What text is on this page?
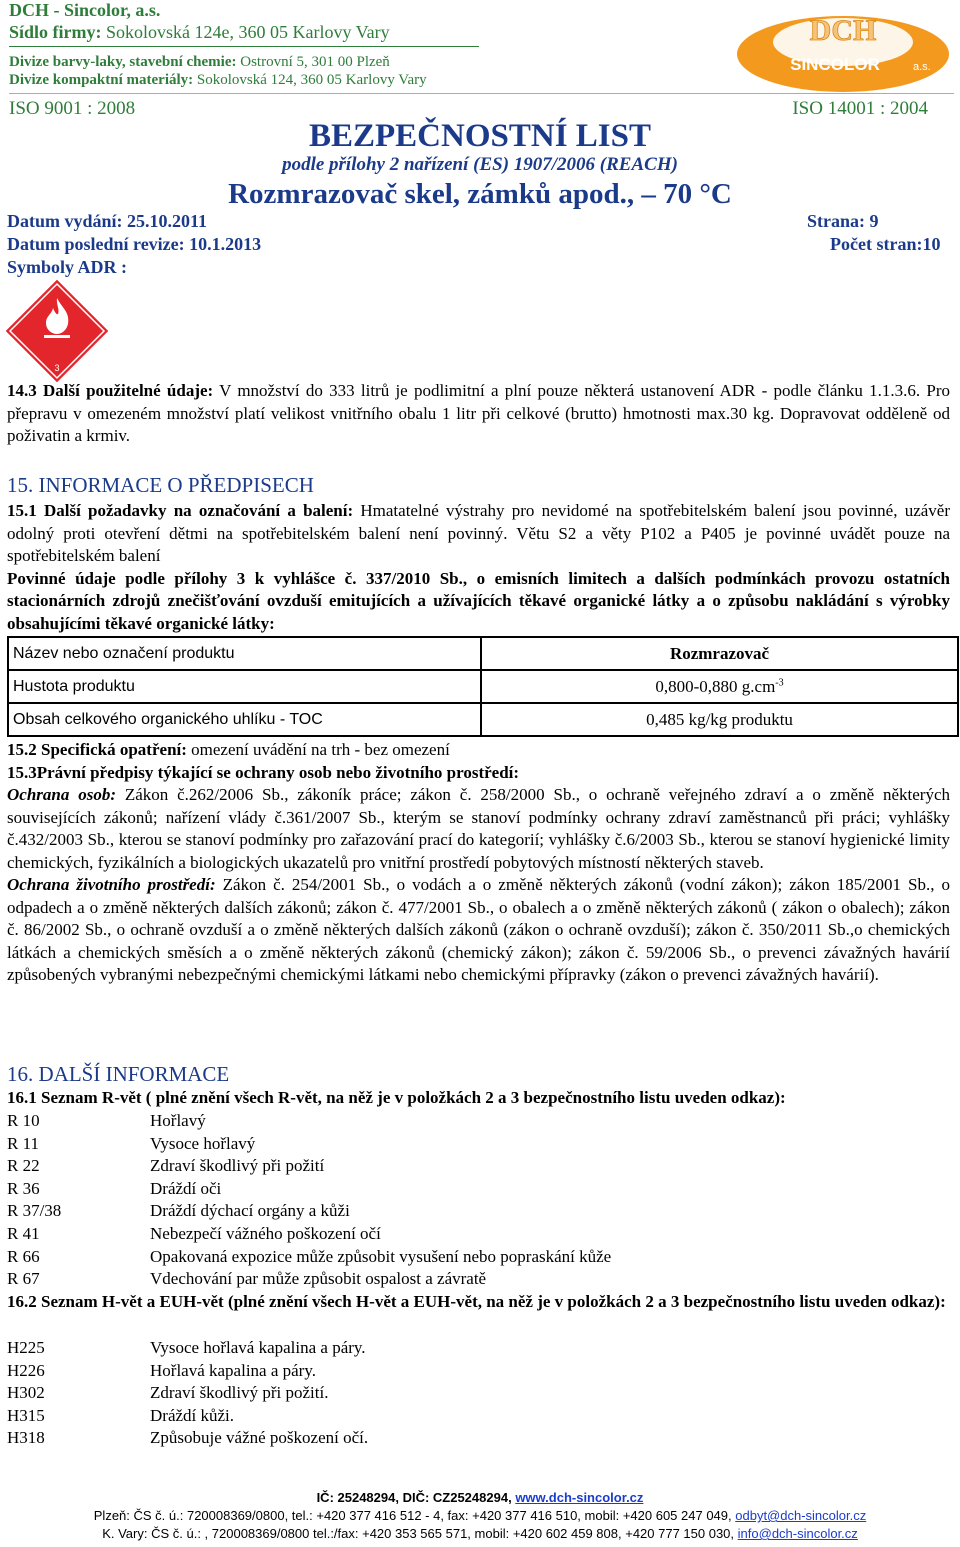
DCH - Sincolor, a.s.
Sídlo firmy: Sokolovská 124e, 360 05 Karlovy Vary
Divize barvy-laky, stavební chemie: Ostrovní 5, 301 00 Plzeň
Divize kompaktní materiály: Sokolovská 124, 360 05 Karlovy Vary
ISO 9001 : 2008	ISO 14001 : 2004
DCH
SINCOLOR	a.s.
BEZPEČNOSTNÍ LIST
podle přílohy 2 nařízení (ES) 1907/2006 (REACH)
Rozmrazovač skel, zámků apod., – 70 °C
Datum vydání: 25.10.2011	Strana: 9
Datum poslední revize: 10.1.2013	Počet stran:10
Symboly ADR :
3
14.3 Další použitelné údaje: V množství do 333 litrů je podlimitní a plní pouze některá ustanovení ADR - podle článku 1.1.3.6. Pro přepravu v omezeném množství platí velikost vnitřního obalu 1 litr při celkové (brutto) hmotnosti max.30 kg. Dopravovat odděleně od poživatin a krmiv.
15. INFORMACE O PŘEDPISECH
15.1 Další požadavky na označování a balení: Hmatatelné výstrahy pro nevidomé na spotřebitelském balení jsou povinné, uzávěr odolný proti otevření dětmi na spotřebitelském balení není povinný. Větu S2 a věty P102 a P405 je povinné uvádět pouze na spotřebitelském balení
Povinné údaje podle přílohy 3 k vyhlášce č. 337/2010 Sb., o emisních limitech a dalších podmínkách provozu ostatních stacionárních zdrojů znečišťování ovzduší emitujících a užívajících těkavé organické látky a o způsobu nakládání s výrobky obsahujícími těkavé organické látky:
Název nebo označení produktu	Rozmrazovač
Hustota produktu	0,800-0,880 $g.cm^{-3}$
Obsah celkového organického uhlíku - TOC	0,485 kg/kg produktu
15.2 Specifická opatření: omezení uvádění na trh - bez omezení
15.3Právní předpisy týkající se ochrany osob nebo životního prostředí:
Ochrana osob: Zákon č.262/2006 Sb., zákoník práce; zákon č. 258/2000 Sb., o ochraně veřejného zdraví a o změně některých souvisejících zákonů; nařízení vlády č.361/2007 Sb., kterým se stanoví podmínky ochrany zdraví zaměstnanců při práci; vyhlášky č.432/2003 Sb., kterou se stanoví podmínky pro zařazování prací do kategorií; vyhlášky č.6/2003 Sb., kterou se stanoví hygienické limity chemických, fyzikálních a biologických ukazatelů pro vnitřní prostředí pobytových místností některých staveb.
Ochrana životního prostředí: Zákon č. 254/2001 Sb., o vodách a o změně některých zákonů (vodní zákon); zákon 185/2001 Sb., o odpadech a o změně některých dalších zákonů; zákon č. 477/2001 Sb., o obalech a o změně některých zákonů ( zákon o obalech); zákon č. 86/2002 Sb., o ochraně ovzduší a o změně některých dalších zákonů (zákon o ochraně ovzduší); zákon č. 350/2011 Sb.,o chemických látkách a chemických směsích a o změně některých zákonů (chemický zákon); zákon č. 59/2006 Sb., o prevenci závažných havárií způsobených vybranými nebezpečnými chemickými látkami nebo chemickými přípravky (zákon o prevenci závažných havárií).
16. DALŠÍ INFORMACE
16.1 Seznam R-vět ( plné znění všech R-vět, na něž je v položkách 2 a 3 bezpečnostního listu uveden odkaz):
R 10	Hořlavý
R 11	Vysoce hořlavý
R 22	Zdraví škodlivý při požití
R 36	Dráždí oči
R 37/38	Dráždí dýchací orgány a kůži
R 41	Nebezpečí vážného poškození očí
R 66	Opakovaná expozice může způsobit vysušení nebo popraskání kůže
R 67	Vdechování par může způsobit ospalost a závratě
16.2 Seznam H-vět a EUH-vět (plné znění všech H-vět a EUH-vět, na něž je v položkách 2 a 3 bezpečnostního listu uveden odkaz):
H225	Vysoce hořlavá kapalina a páry.
H226	Hořlavá kapalina a páry.
H302	Zdraví škodlivý při požití.
H315	Dráždí kůži.
H318	Způsobuje vážné poškození očí.
IČ: 25248294, DIČ: CZ25248294, www.dch-sincolor.cz
Plzeň: ČS č. ú.: 720008369/0800, tel.: +420 377 416 512 - 4, fax: +420 377 416 510, mobil: +420 605 247 049, odbyt@dch-sincolor.cz
K. Vary: ČS č. ú.: , 720008369/0800 tel.:/fax: +420 353 565 571, mobil: +420 602 459 808, +420 777 150 030, info@dch-sincolor.cz
